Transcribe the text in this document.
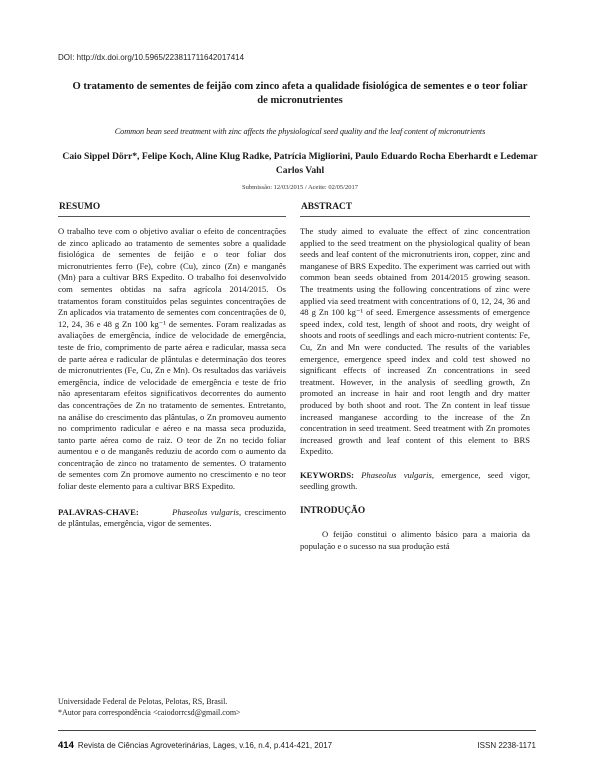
DOI: http://dx.doi.org/10.5965/223811711642017414
O tratamento de sementes de feijão com zinco afeta a qualidade fisiológica de sementes e o teor foliar de micronutrientes
Common bean seed treatment with zinc affects the physiological seed quality and the leaf content of micronutrients
Caio Sippel Dörr*, Felipe Koch, Aline Klug Radke, Patrícia Migliorini, Paulo Eduardo Rocha Eberhardt e Ledemar Carlos Vahl
Submissão: 12/03/2015 / Aceite: 02/05/2017
RESUMO

O trabalho teve com o objetivo avaliar o efeito de concentrações de zinco aplicado ao tratamento de sementes sobre a qualidade fisiológica de sementes de feijão e o teor foliar dos micronutrientes ferro (Fe), cobre (Cu), zinco (Zn) e manganês (Mn) para a cultivar BRS Expedito. O trabalho foi desenvolvido com sementes obtidas na safra agrícola 2014/2015. Os tratamentos foram constituídos pelas seguintes concentrações de Zn aplicados via tratamento de sementes com concentrações de 0, 12, 24, 36 e 48 g Zn 100 kg⁻¹ de sementes. Foram realizadas as avaliações de emergência, índice de velocidade de emergência, teste de frio, comprimento de parte aérea e radicular, massa seca de parte aérea e radicular de plântulas e determinação dos teores de micronutrientes (Fe, Cu, Zn e Mn). Os resultados das variáveis emergência, índice de velocidade de emergência e teste de frio não apresentaram efeitos significativos decorrentes do aumento das concentrações de Zn no tratamento de sementes. Entretanto, na análise do crescimento das plântulas, o Zn promoveu aumento no comprimento radicular e aéreo e na massa seca produzida, tanto parte aérea como de raiz. O teor de Zn no tecido foliar aumentou e o de manganês reduziu de acordo com o aumento da concentração de zinco no tratamento de sementes. O tratamento de sementes com Zn promove aumento no crescimento e no teor foliar deste elemento para a cultivar BRS Expedito.

PALAVRAS-CHAVE:	Phaseolus vulgaris, crescimento de plântulas, emergência, vigor de sementes.

ABSTRACT

The study aimed to evaluate the effect of zinc concentration applied to the seed treatment on the physiological quality of bean seeds and leaf content of the micronutrients iron, copper, zinc and manganese of BRS Expedito. The experiment was carried out with common bean seeds obtained from 2014/2015 growing season. The treatments using the following concentrations of zinc were applied via seed treatment with concentrations of 0, 12, 24, 36 and 48 g Zn 100 kg⁻¹ of seed. Emergence assessments of emergence speed index, cold test, length of shoot and roots, dry weight of shoots and roots of seedlings and each micro-nutrient contents: Fe, Cu, Zn and Mn were conducted. The results of the variables emergence, emergence speed index and cold test showed no significant effects of increased Zn concentrations in seed treatment. However, in the analysis of seedling growth, Zn promoted an increase in hair and root length and dry matter produced by both shoot and root. The Zn content in leaf tissue increased manganese according to the increase of the Zn concentration in seed treatment. Seed treatment with Zn promotes increased growth and leaf content of this element to BRS Expedito.

KEYWORDS: Phaseolus vulgaris, emergence, seed vigor, seedling growth.

INTRODUÇÃO

O feijão constitui o alimento básico para a maioria da população e o sucesso na sua produção está

Universidade Federal de Pelotas, Pelotas, RS, Brasil.
*Autor para correspondência <caiodorrcsd@gmail.com>
414 Revista de Ciências Agroveterinárias, Lages, v.16, n.4, p.414-421, 2017	ISSN 2238-1171
